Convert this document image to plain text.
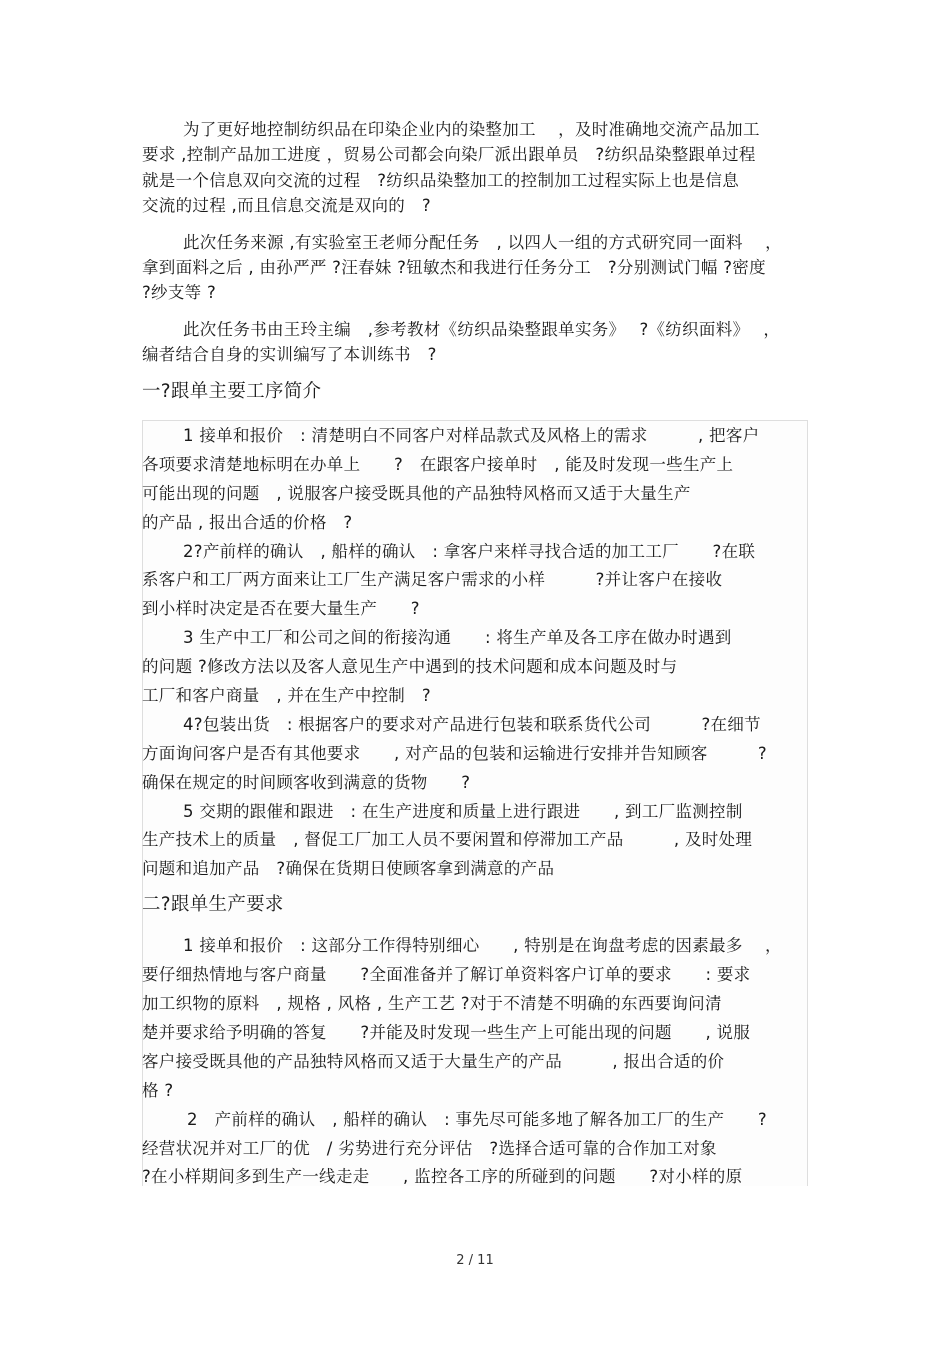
为了更好地控制纺织品在印染企业内的染整加工　 ，及时准确地交流产品加工
要求 ,控制产品加工进度 ，贸易公司都会向染厂派出跟单员　?纺织品染整跟单过程
就是一个信息双向交流的过程　?纺织品染整加工的控制加工过程实际上也是信息
交流的过程 ,而且信息交流是双向的　?
此次任务来源 ,有实验室王老师分配任务　, 以四人一组的方式研究同一面料　 ，
拿到面料之后 , 由孙严严 ?汪春妹 ?钮敏杰和我进行任务分工　?分别测试门幅 ?密度
?纱支等 ?
此次任务书由王玲主编　,参考教材《纺织品染整跟单实务》　 ?《纺织面料》　 ，
编者结合自身的实训编写了本训练书　?
一?跟单主要工序简介
1 接单和报价　: 清楚明白不同客户对样品款式及风格上的需求　　　, 把客户
各项要求清楚地标明在办单上　　?　在跟客户接单时　, 能及时发现一些生产上
可能出现的问题　, 说服客户接受既具他的产品独特风格而又适于大量生产
的产品 , 报出合适的价格　?
2?产前样的确认　, 船样的确认　: 拿客户来样寻找合适的加工工厂　　?在联
系客户和工厂两方面来让工厂生产满足客户需求的小样　　　?并让客户在接收
到小样时决定是否在要大量生产　　?
3 生产中工厂和公司之间的衔接沟通　　: 将生产单及各工序在做办时遇到
的问题 ?修改方法以及客人意见生产中遇到的技术问题和成本问题及时与
工厂和客户商量　, 并在生产中控制　?
4?包装出货　: 根据客户的要求对产品进行包装和联系货代公司　　　?在细节
方面询问客户是否有其他要求　　, 对产品的包装和运输进行安排并告知顾客　　　?
确保在规定的时间顾客收到满意的货物　　?
5 交期的跟催和跟进　: 在生产进度和质量上进行跟进　　, 到工厂监测控制
生产技术上的质量　, 督促工厂加工人员不要闲置和停滞加工产品　　　, 及时处理
问题和追加产品　?确保在货期日使顾客拿到满意的产品
二?跟单生产要求
1 接单和报价　: 这部分工作得特别细心　　, 特别是在询盘考虑的因素最多　 ，
要仔细热情地与客户商量　　?全面准备并了解订单资料客户订单的要求　　: 要求
加工织物的原料　, 规格 , 风格 , 生产工艺 ?对于不清楚不明确的东西要询问清
楚并要求给予明确的答复　　?并能及时发现一些生产上可能出现的问题　　, 说服
客户接受既具他的产品独特风格而又适于大量生产的产品　　　, 报出合适的价
格 ?
2　产前样的确认　, 船样的确认　: 事先尽可能多地了解各加工厂的生产　　?
经营状况并对工厂的优　/ 劣势进行充分评估　?选择合适可靠的合作加工对象
?在小样期间多到生产一线走走　　, 监控各工序的所碰到的问题　　?对小样的原
2 / 11
